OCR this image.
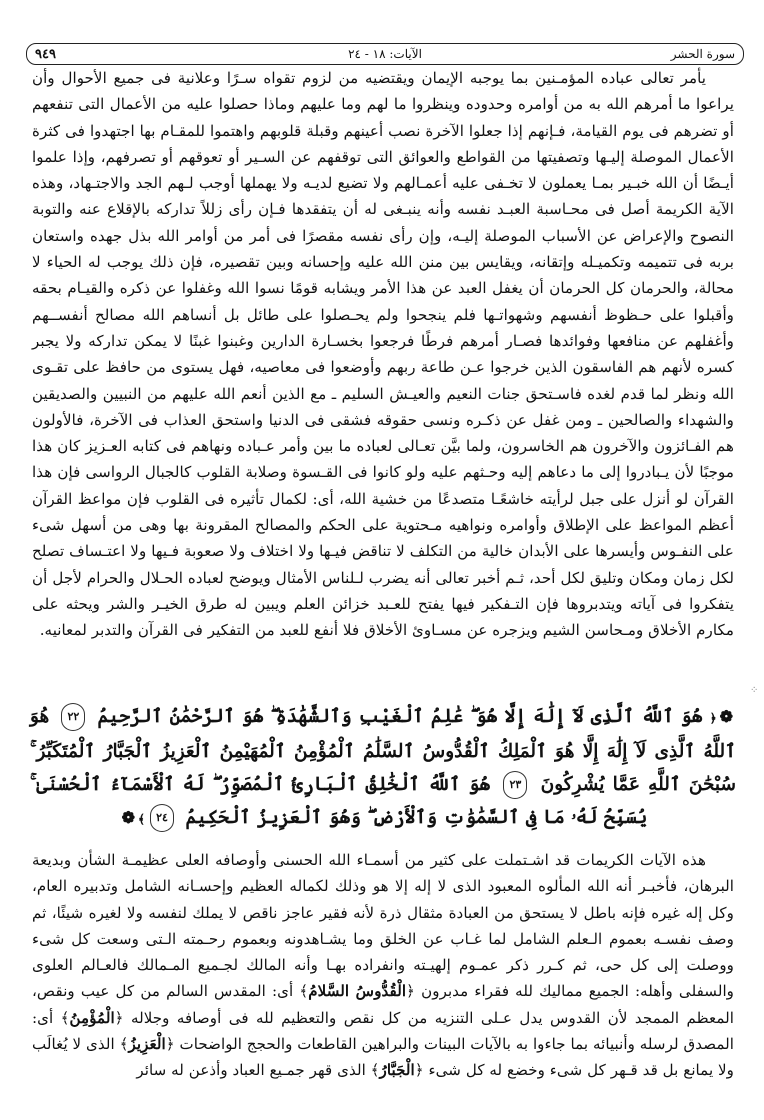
سورة الحشر
الآيات: ١٨ - ٢٤
٩٤٩
يأمر تعالى عباده المؤمـنين بما يوجبه الإيمان ويقتضيه من لزوم تقواه سـرًا وعلانية فى جميع الأحوال وأن يراعوا ما أمرهم الله به من أوامره وحدوده وينظروا ما لهم وما عليهم وماذا حصلوا عليه من الأعمال التى تنفعهم أو تضرهم فى يوم القيامة، فـإنهم إذا جعلوا الآخرة نصب أعينهم وقبلة قلوبهم واهتموا للمقـام بها اجتهدوا فى كثرة الأعمال الموصلة إليـها وتصفيتها من القواطع والعوائق التى توقفهم عن السـير أو تعوقهم أو تصرفهم، وإذا علموا أيـضًا أن الله خبـير بمـا يعملون لا تخـفى عليه أعمـالهم ولا تضيع لديـه ولا يهملها أوجب لـهم الجد والاجتـهاد، وهذه الآية الكريمة أصل فى محـاسبة العبـد نفسه وأنه ينبـغى له أن يتفقدها فـإن رأى زللاً تداركه بالإقلاع عنه والتوبة النصوح والإعراض عن الأسباب الموصلة إليـه، وإن رأى نفسه مقصرًا فى أمر من أوامر الله بذل جهده واستعان بربه فى تتميمه وتكميـله وإتقانه، ويقايس بين منن الله عليه وإحسانه وبين تقصيره، فإن ذلك يوجب له الحياء لا محالة، والحرمان كل الحرمان أن يغفل العبد عن هذا الأمر ويشابه قومًا نسوا الله وغفلوا عن ذكره والقيـام بحقه وأقبلوا على حـظوظ أنفسهم وشهواتـها فلم ينجحوا ولم يحـصلوا على طائل بل أنساهم الله مصالح أنفســهم وأغفلهم عن منافعها وفوائدها فصـار أمرهم فرطًا فرجعوا بخسـارة الدارين وغبنوا غبنًا لا يمكن تداركه ولا يجبر كسره لأنهم هم الفاسقون الذين خرجوا عـن طاعة ربهم وأوضعوا فى معاصيه، فهل يستوى من حافظ على تقـوى الله ونظر لما قدم لغده فاسـتحق جنات النعيم والعيـش السليم ـ مع الذين أنعم الله عليهم من النبيين والصديقين والشهداء والصالحين ـ ومن غفل عن ذكـره ونسى حقوقه فشقى فى الدنيا واستحق العذاب فى الآخرة، فالأولون هم الفـائزون والآخرون هم الخاسرون، ولما بيَّن تعـالى لعباده ما بين وأمر عـباده ونهاهم فى كتابه العـزيز كان هذا موجبًا لأن يـبادروا إلى ما دعاهم إليه وحـثهم عليه ولو كانوا فى القـسوة وصلابة القلوب كالجبال الرواسى فإن هذا القرآن لو أنزل على جبل لرأيته خاشعًـا متصدعًا من خشية الله، أى: لكمال تأثيره فى القلوب فإن مواعظ القرآن أعظم المواعظ على الإطلاق وأوامره ونواهيه مـحتوية على الحكم والمصالح المقرونة بها وهى من أسهل شىء على النفـوس وأيسرها على الأبدان خالية من التكلف لا تناقض فيـها ولا اختلاف ولا صعوبة فـيها ولا اعتـساف تصلح لكل زمان ومكان وتليق لكل أحد، ثـم أخبر تعالى أنه يضرب لـلناس الأمثال ويوضح لعباده الحـلال والحرام لأجل أن يتفكروا فى آياته ويتدبروها فإن التـفكير فيها يفتح للعـبد خزائن العلم ويبين له طرق الخيـر والشر ويحثه على مكارم الأخلاق ومـحاسن الشيم ويزجره عن مسـاوئ الأخلاق فلا أنفع للعبد من التفكير فى القرآن والتدبر لمعانيه.
⁘
❁﴿ هُوَ ٱللَّهُ ٱلَّذِى لَآ إِلَٰهَ إِلَّا هُوَ ۖ عَٰلِمُ ٱلْغَيْبِ وَٱلشَّهَٰدَةِ ۖ هُوَ ٱلرَّحْمَٰنُ ٱلرَّحِيمُ ٢٢ هُوَ ٱللَّهُ ٱلَّذِى لَآ إِلَٰهَ إِلَّا هُوَ ٱلْمَلِكُ ٱلْقُدُّوسُ ٱلسَّلَٰمُ ٱلْمُؤْمِنُ ٱلْمُهَيْمِنُ ٱلْعَزِيزُ ٱلْجَبَّارُ ٱلْمُتَكَبِّرُ ۚ سُبْحَٰنَ ٱللَّهِ عَمَّا يُشْرِكُونَ ٢٣ هُوَ ٱللَّهُ ٱلْخَٰلِقُ ٱلْبَارِئُ ٱلْمُصَوِّرُ ۖ لَهُ ٱلْأَسْمَآءُ ٱلْحُسْنَىٰ ۚ يُسَبِّحُ لَهُۥ مَا فِى ٱلسَّمَٰوَٰتِ وَٱلْأَرْضِ ۖ وَهُوَ ٱلْعَزِيزُ ٱلْحَكِيمُ ٢٤﴾❁
هذه الآيات الكريمات قد اشـتملت على كثير من أسمـاء الله الحسنى وأوصافه العلى عظيمـة الشأن وبديعة البرهان، فأخبـر أنه الله المألوه المعبود الذى لا إله إلا هو وذلك لكماله العظيم وإحسـانه الشامل وتدبيره العام، وكل إله غيره فإنه باطل لا يستحق من العبادة مثقال ذرة لأنه فقير عاجز ناقص لا يملك لنفسه ولا لغيره شيئًا، ثم وصف نفسـه بعموم الـعلم الشامل لما غـاب عن الخلق وما يشـاهدونه وبعموم رحـمته الـتى وسعت كل شىء ووصلت إلى كل حى، ثم كـرر ذكر عمـوم إلهيـته وانفراده بهـا وأنه المالك لجـميع المـمالك فالعـالم العلوى والسفلى وأهله: الجميع مماليك لله فقراء مدبرون ﴿الْقُدُّوسُ السَّلامُ﴾ أى: المقدس السالم من كل عيب ونقص، المعظم الممجد لأن القدوس يدل عـلى التنزيه من كل نقص والتعظيم لله فى أوصافه وجلاله ﴿الْمُؤْمِنُ﴾ أى: المصدق لرسله وأنبيائه بما جاءوا به بالآيات البينات والبراهين القاطعات والحجج الواضحات ﴿الْعَزِيزُ﴾ الذى لا يُغالَب ولا يمانع بل قد قـهر كل شىء وخضع له كل شىء ﴿الْجَبَّارُ﴾ الذى قهر جمـيع العباد وأذعن له سائر
